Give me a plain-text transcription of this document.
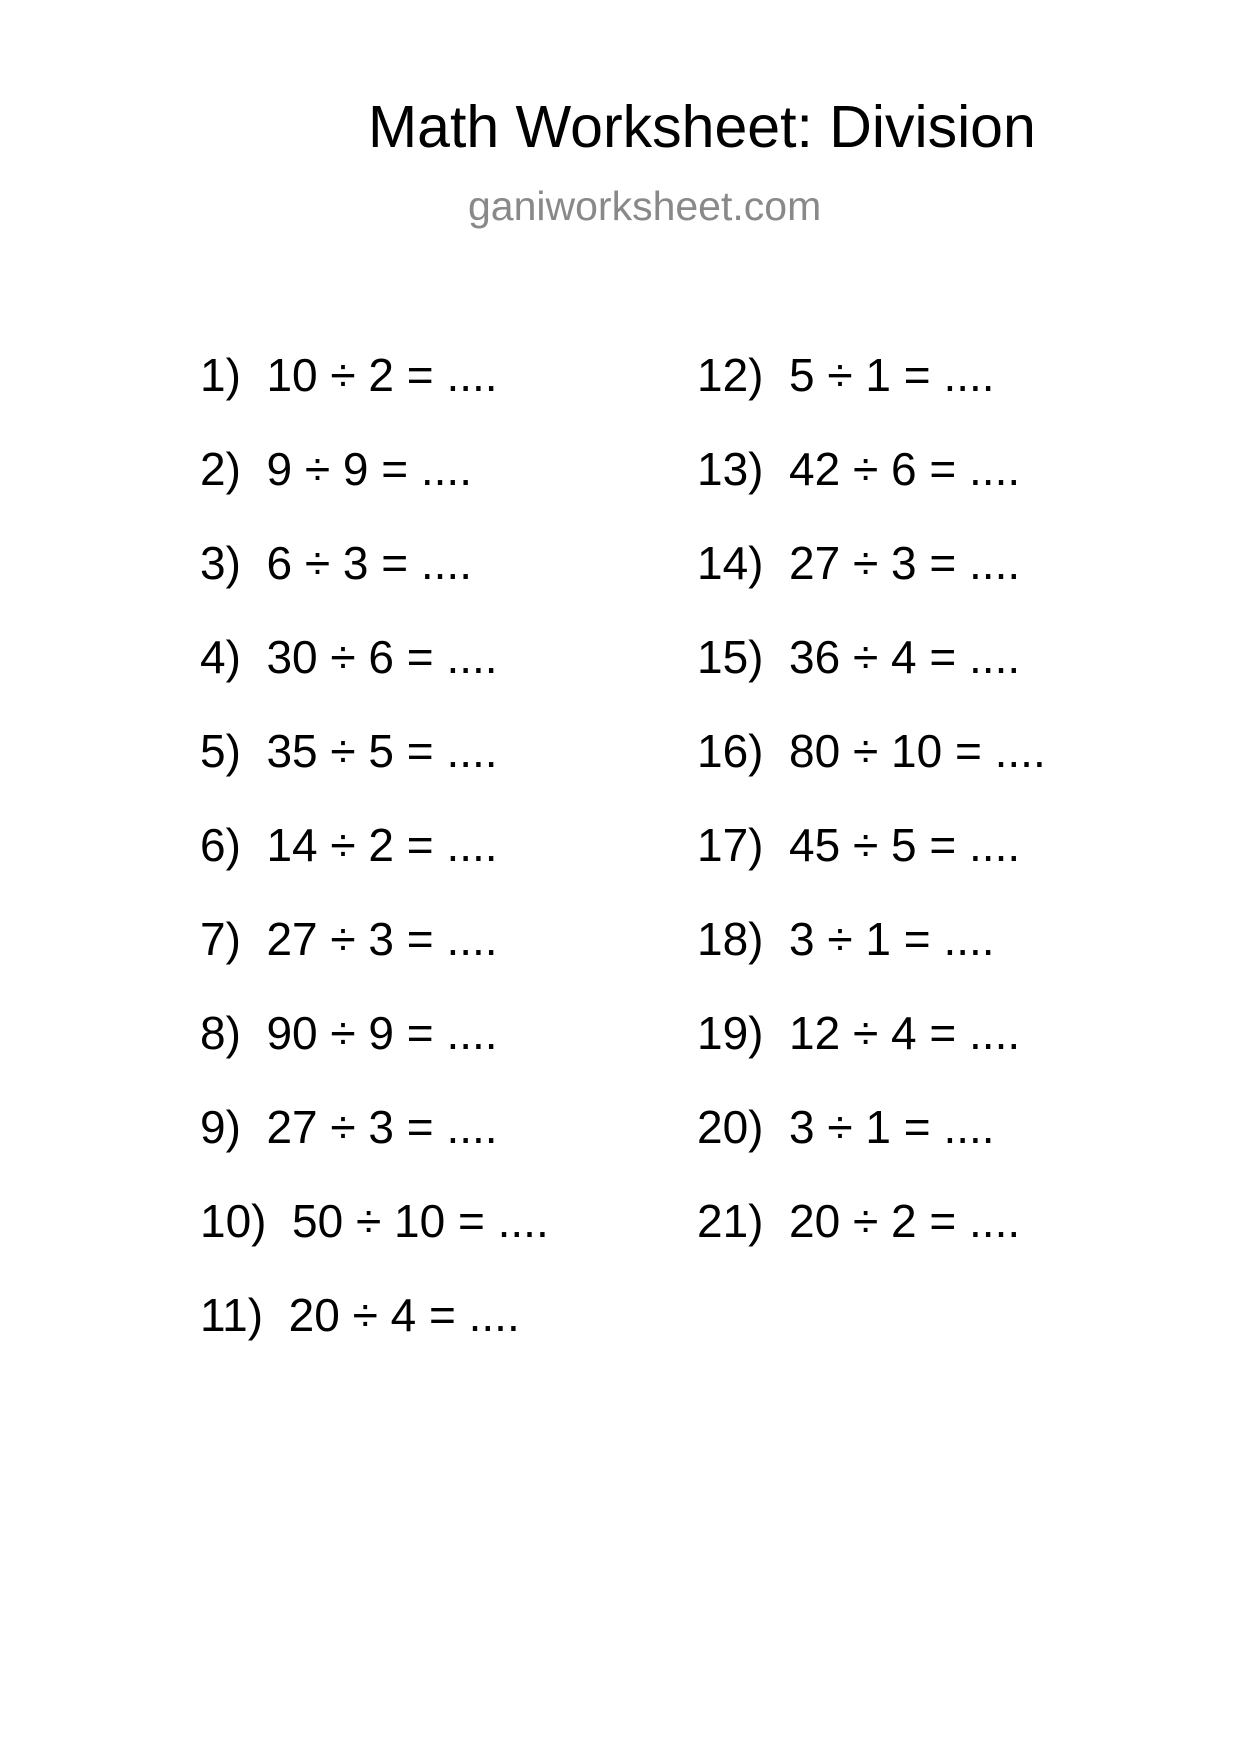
Math Worksheet: Division
ganiworksheet.com
1)  10 ÷ 2 = ....
2)  9 ÷ 9 = ....
3)  6 ÷ 3 = ....
4)  30 ÷ 6 = ....
5)  35 ÷ 5 = ....
6)  14 ÷ 2 = ....
7)  27 ÷ 3 = ....
8)  90 ÷ 9 = ....
9)  27 ÷ 3 = ....
10)  50 ÷ 10 = ....
11)  20 ÷ 4 = ....
12)  5 ÷ 1 = ....
13)  42 ÷ 6 = ....
14)  27 ÷ 3 = ....
15)  36 ÷ 4 = ....
16)  80 ÷ 10 = ....
17)  45 ÷ 5 = ....
18)  3 ÷ 1 = ....
19)  12 ÷ 4 = ....
20)  3 ÷ 1 = ....
21)  20 ÷ 2 = ....
